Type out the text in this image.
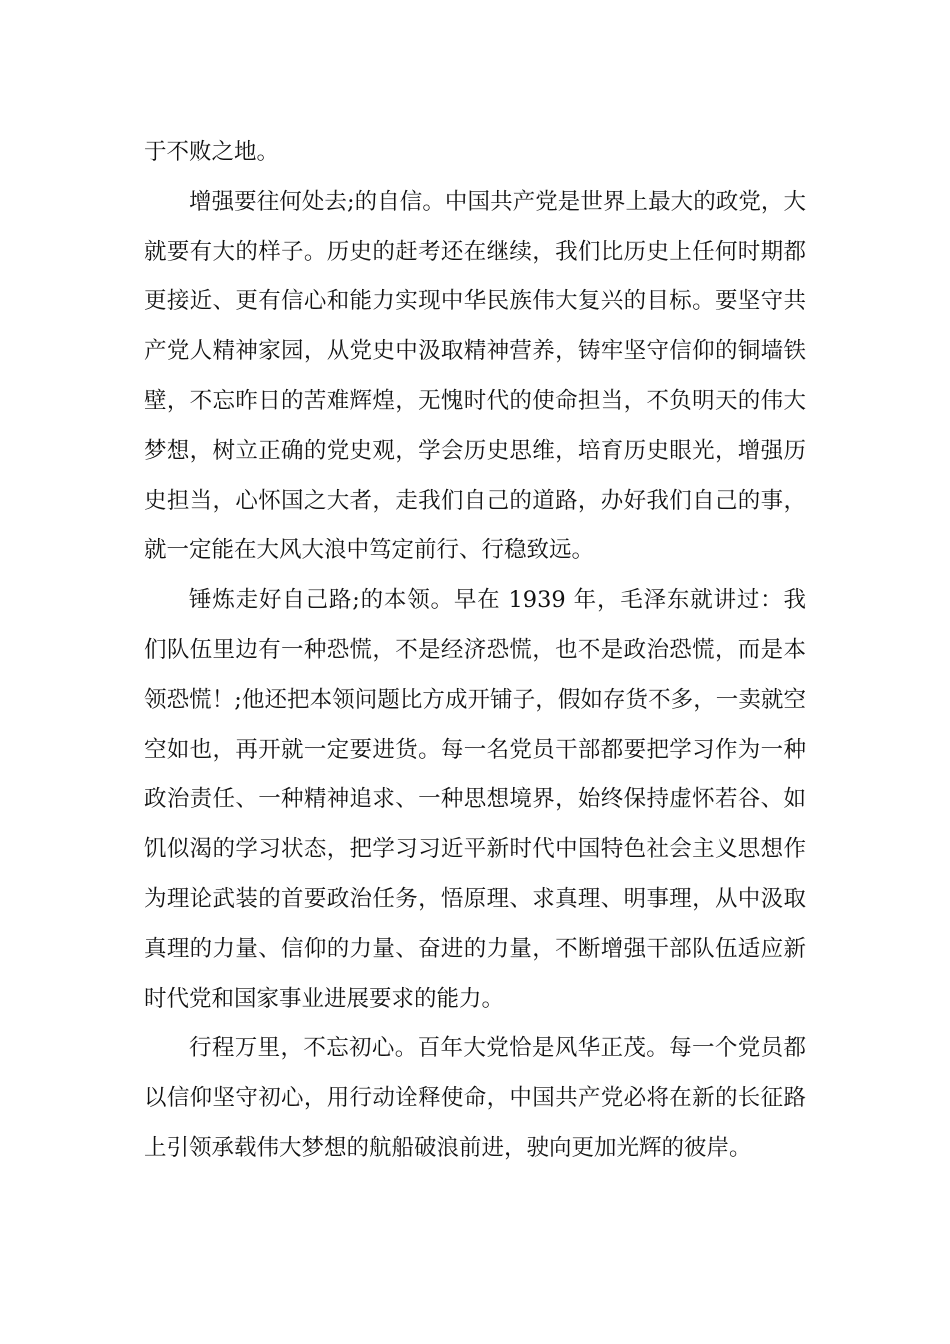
于不败之地。

增强要往何处去;的自信。中国共产党是世界上最大的政党，大就要有大的样子。历史的赶考还在继续，我们比历史上任何时期都更接近、更有信心和能力实现中华民族伟大复兴的目标。要坚守共产党人精神家园，从党史中汲取精神营养，铸牢坚守信仰的铜墙铁壁，不忘昨日的苦难辉煌，无愧时代的使命担当，不负明天的伟大梦想，树立正确的党史观，学会历史思维，培育历史眼光，增强历史担当，心怀国之大者，走我们自己的道路，办好我们自己的事，就一定能在大风大浪中笃定前行、行稳致远。

锤炼走好自己路;的本领。早在 1939 年，毛泽东就讲过：我们队伍里边有一种恐慌，不是经济恐慌，也不是政治恐慌，而是本领恐慌！;他还把本领问题比方成开铺子，假如存货不多，一卖就空空如也，再开就一定要进货。每一名党员干部都要把学习作为一种政治责任、一种精神追求、一种思想境界，始终保持虚怀若谷、如饥似渴的学习状态，把学习习近平新时代中国特色社会主义思想作为理论武装的首要政治任务，悟原理、求真理、明事理，从中汲取真理的力量、信仰的力量、奋进的力量，不断增强干部队伍适应新时代党和国家事业进展要求的能力。

行程万里，不忘初心。百年大党恰是风华正茂。每一个党员都以信仰坚守初心，用行动诠释使命，中国共产党必将在新的长征路上引领承载伟大梦想的航船破浪前进，驶向更加光辉的彼岸。
